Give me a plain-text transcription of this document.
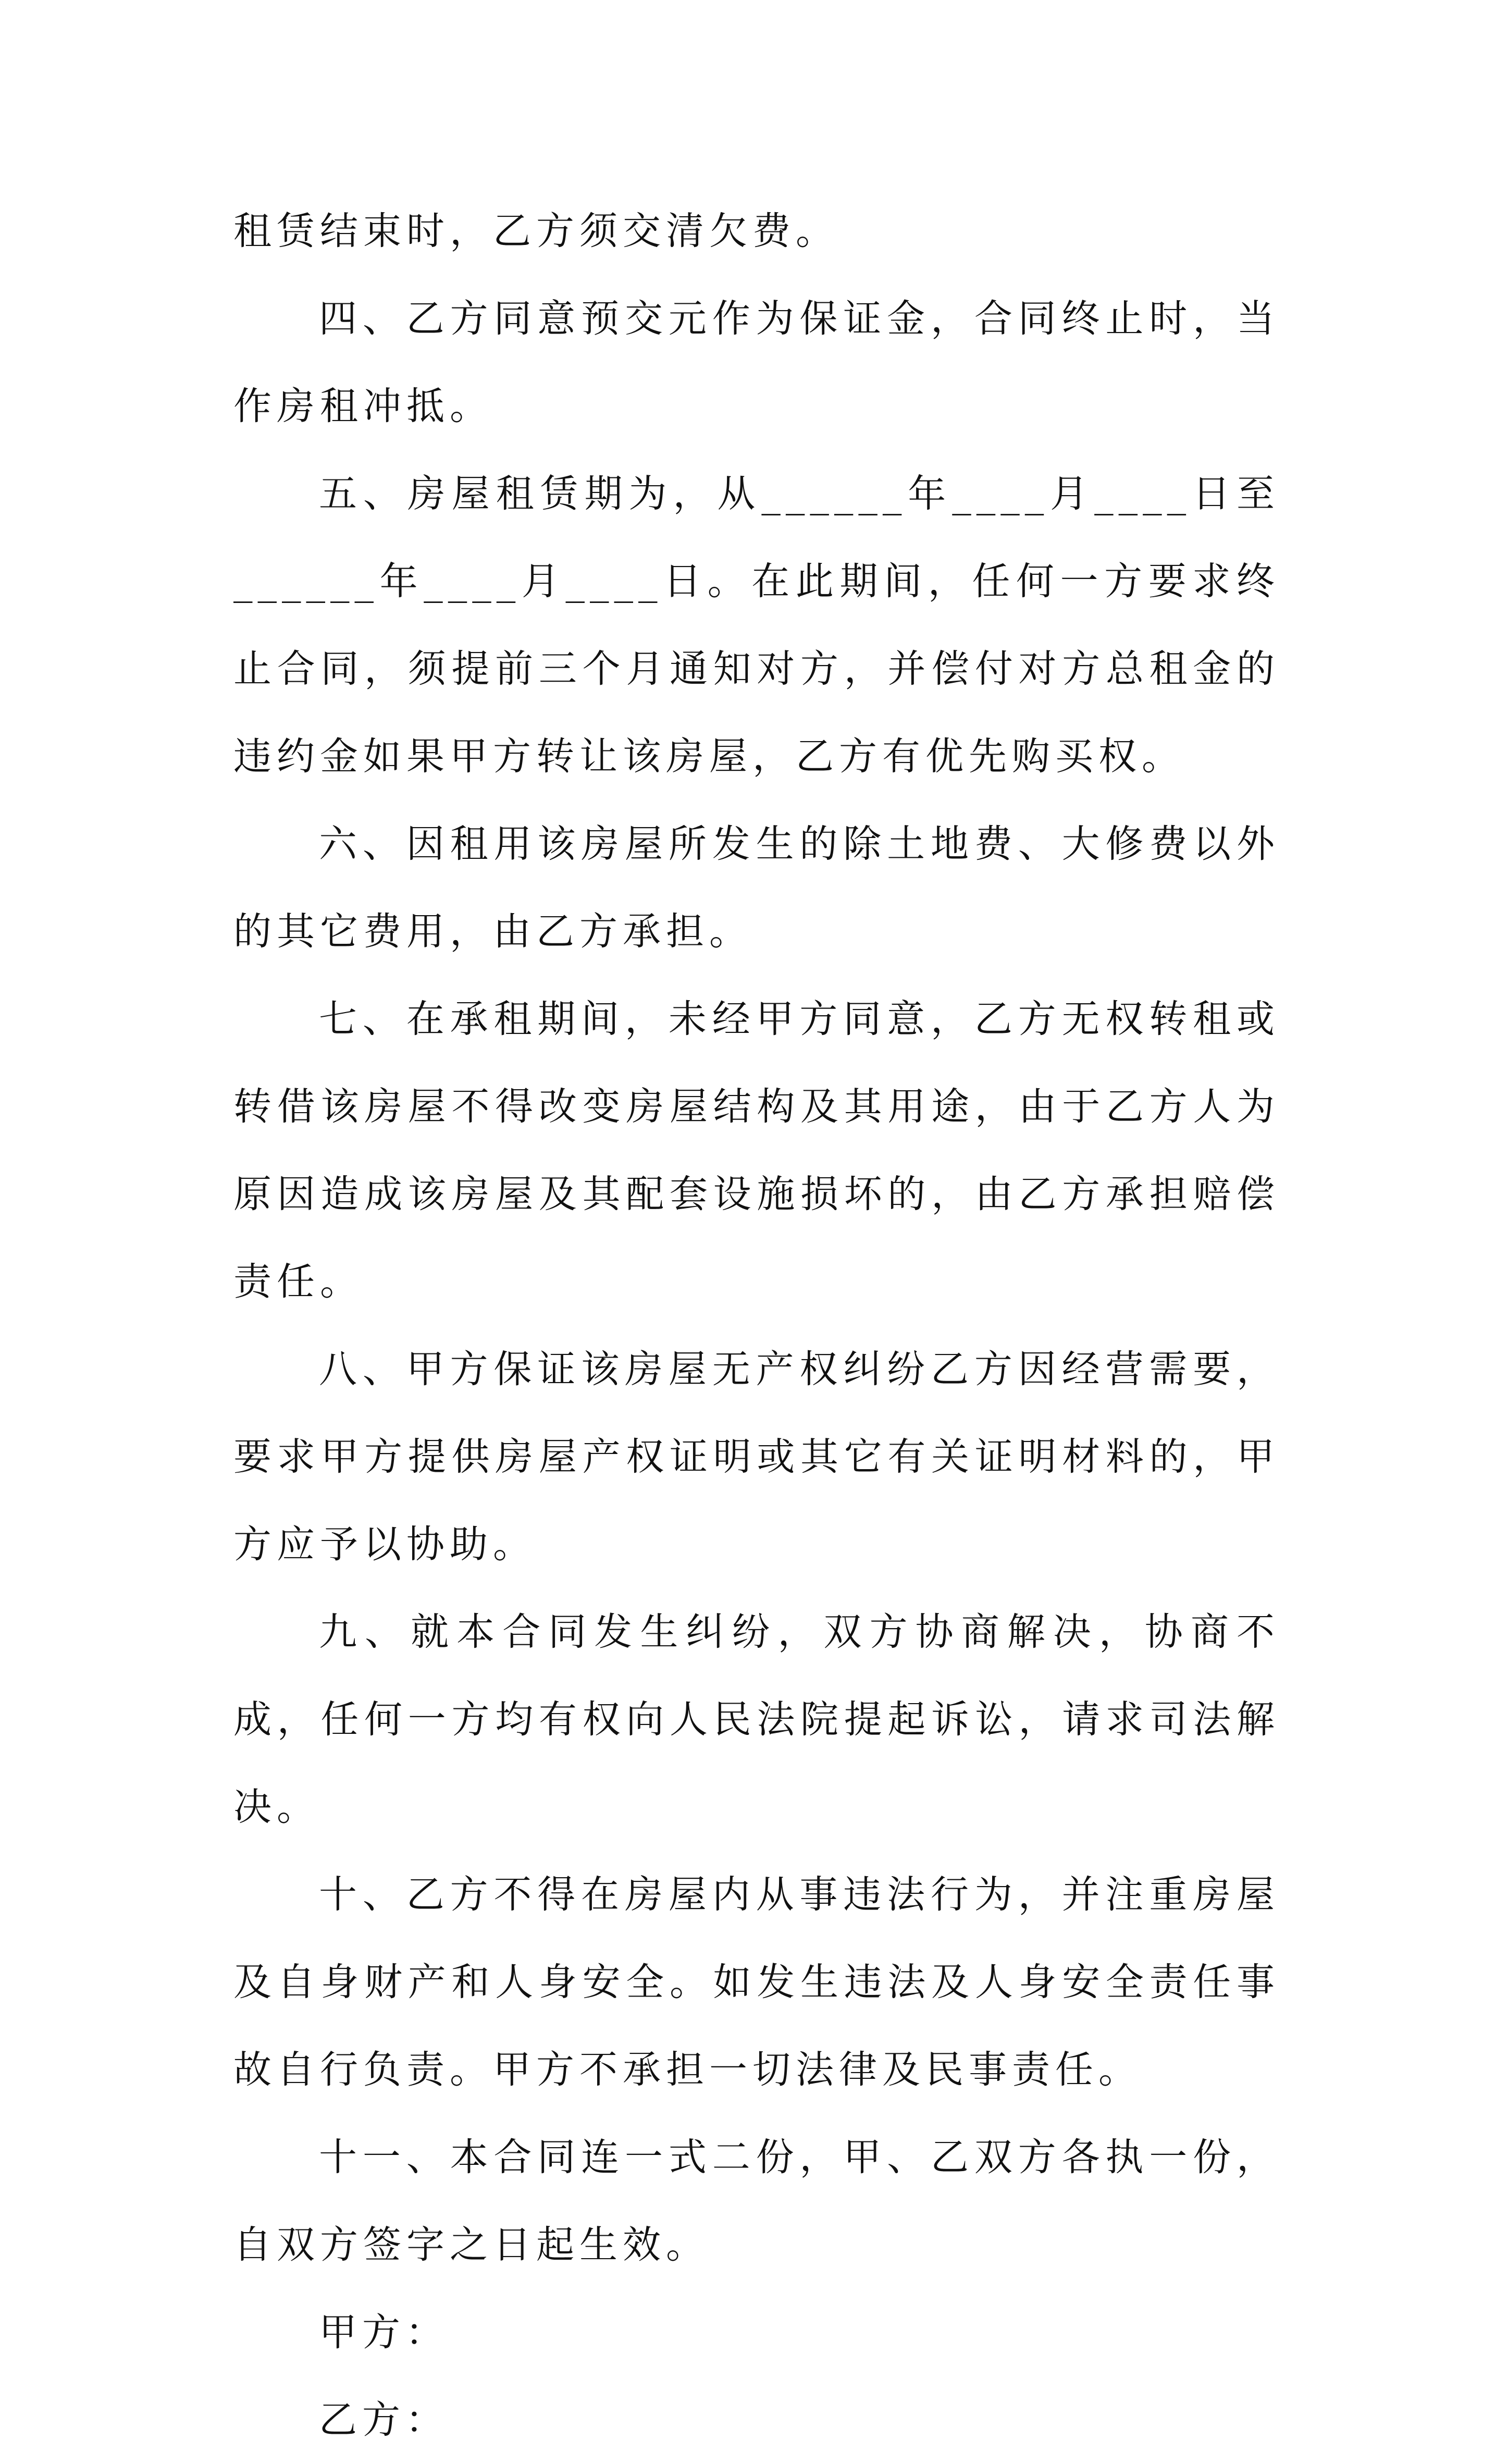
租赁结束时，乙方须交清欠费。

四、乙方同意预交元作为保证金，合同终止时，当作房租冲抵。

五、房屋租赁期为，从______年____月____日至______年____月____日。在此期间，任何一方要求终止合同，须提前三个月通知对方，并偿付对方总租金的违约金如果甲方转让该房屋，乙方有优先购买权。

六、因租用该房屋所发生的除土地费、大修费以外的其它费用，由乙方承担。

七、在承租期间，未经甲方同意，乙方无权转租或转借该房屋不得改变房屋结构及其用途，由于乙方人为原因造成该房屋及其配套设施损坏的，由乙方承担赔偿责任。

八、甲方保证该房屋无产权纠纷乙方因经营需要，要求甲方提供房屋产权证明或其它有关证明材料的，甲方应予以协助。

九、就本合同发生纠纷，双方协商解决，协商不成，任何一方均有权向人民法院提起诉讼，请求司法解决。

十、乙方不得在房屋内从事违法行为，并注重房屋及自身财产和人身安全。如发生违法及人身安全责任事故自行负责。甲方不承担一切法律及民事责任。

十一、本合同连一式二份，甲、乙双方各执一份，自双方签字之日起生效。

甲方：

乙方：
